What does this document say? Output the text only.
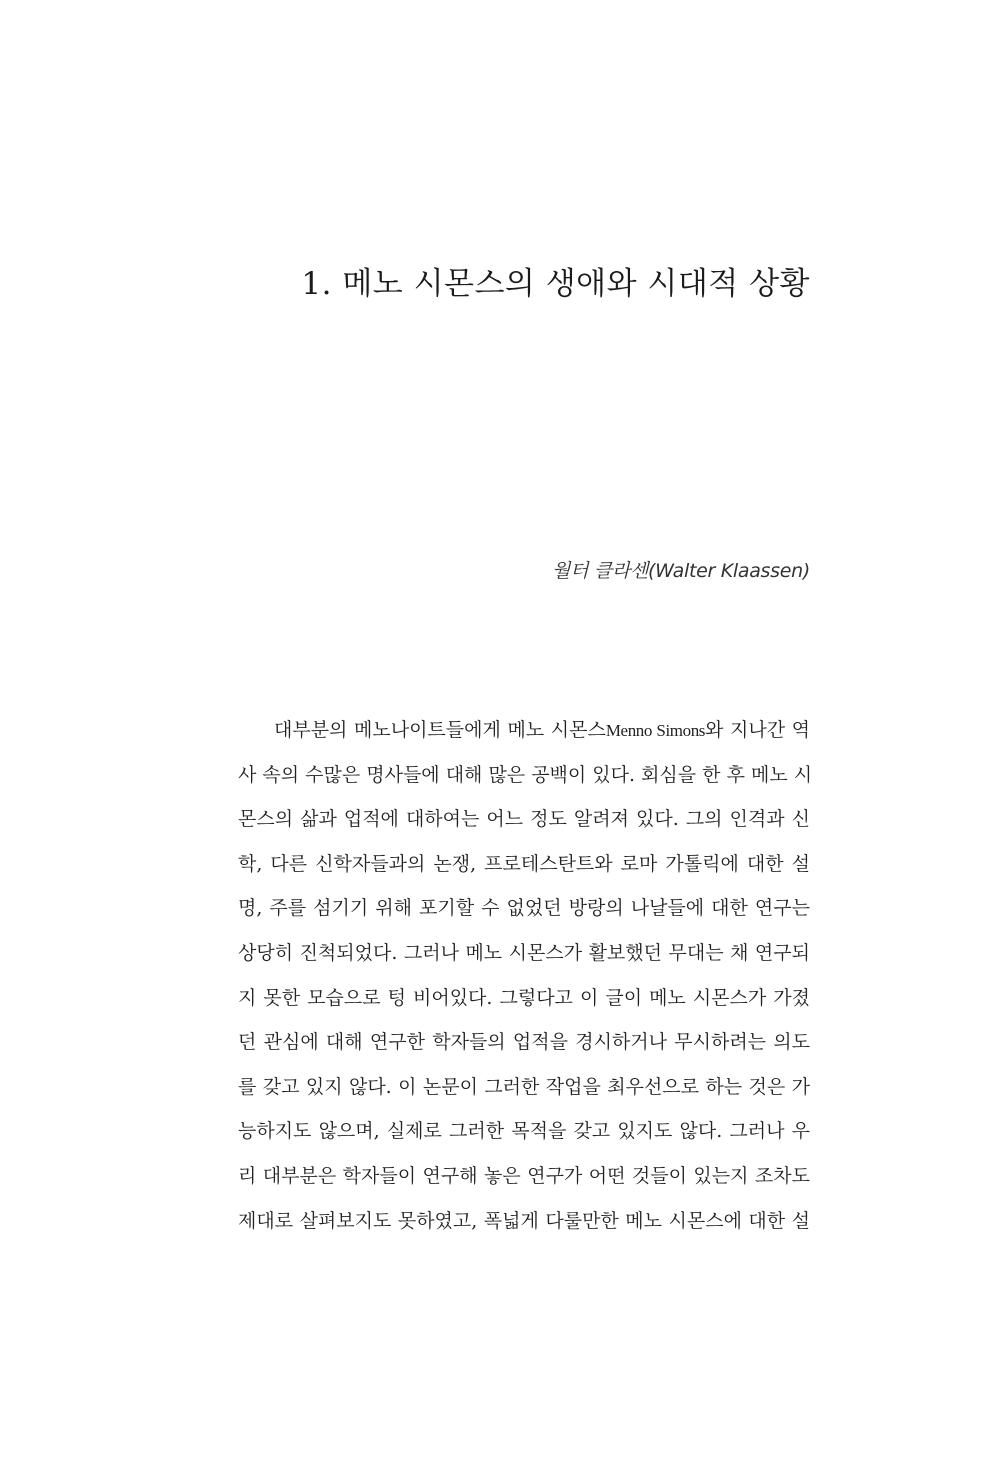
1. 메노 시몬스의 생애와 시대적 상황
월터 클라센(Walter Klaassen)
대부분의 메노나이트들에게 메노 시몬스Menno Simons와 지나간 역
사 속의 수많은 명사들에 대해 많은 공백이 있다. 회심을 한 후 메노 시
몬스의 삶과 업적에 대하여는 어느 정도 알려져 있다. 그의 인격과 신
학, 다른 신학자들과의 논쟁, 프로테스탄트와 로마 가톨릭에 대한 설
명, 주를 섬기기 위해 포기할 수 없었던 방랑의 나날들에 대한 연구는
상당히 진척되었다. 그러나 메노 시몬스가 활보했던 무대는 채 연구되
지 못한 모습으로 텅 비어있다. 그렇다고 이 글이 메노 시몬스가 가졌
던 관심에 대해 연구한 학자들의 업적을 경시하거나 무시하려는 의도
를 갖고 있지 않다. 이 논문이 그러한 작업을 최우선으로 하는 것은 가
능하지도 않으며, 실제로 그러한 목적을 갖고 있지도 않다. 그러나 우
리 대부분은 학자들이 연구해 놓은 연구가 어떤 것들이 있는지 조차도
제대로 살펴보지도 못하였고, 폭넓게 다룰만한 메노 시몬스에 대한 설
